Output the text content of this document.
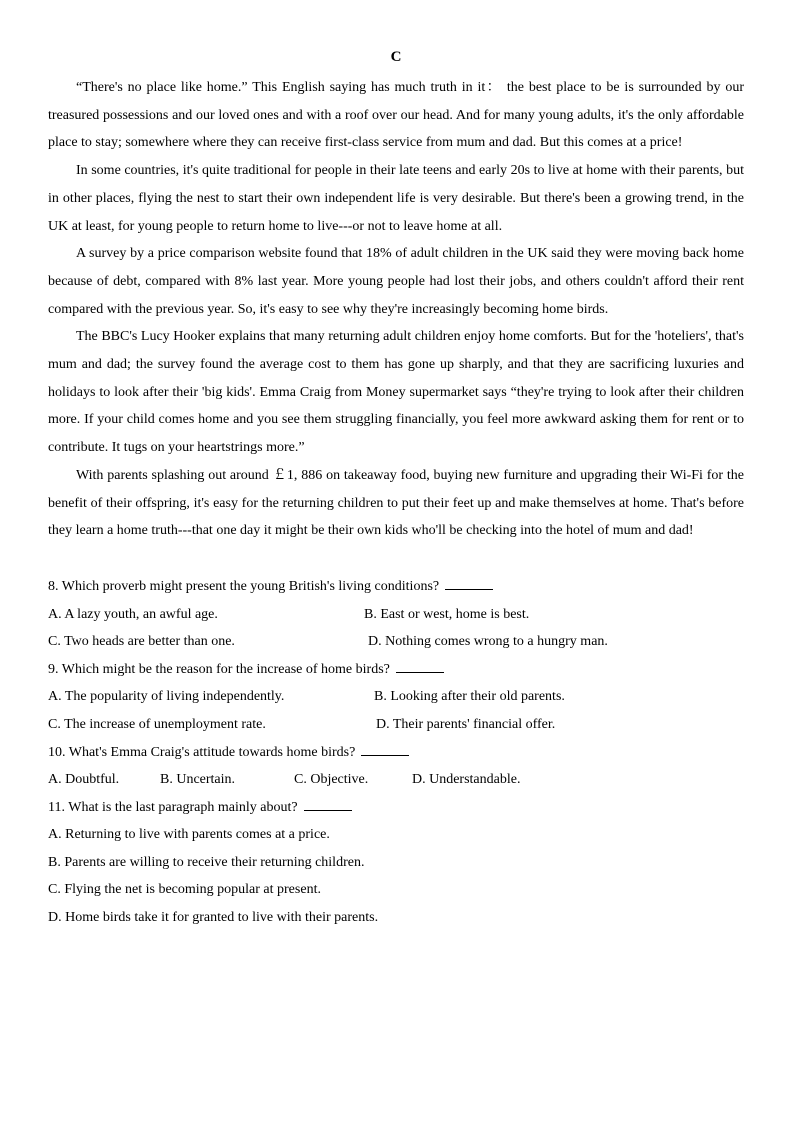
C

“There's no place like home.” This English saying has much truth in it： the best place to be is surrounded by our treasured possessions and our loved ones and with a roof over our head. And for many young adults, it's the only affordable place to stay; somewhere where they can receive first-class service from mum and dad. But this comes at a price!

In some countries, it's quite traditional for people in their late teens and early 20s to live at home with their parents, but in other places, flying the nest to start their own independent life is very desirable. But there's been a growing trend, in the UK at least, for young people to return home to live---or not to leave home at all.

A survey by a price comparison website found that 18% of adult children in the UK said they were moving back home because of debt, compared with 8% last year. More young people had lost their jobs, and others couldn't afford their rent compared with the previous year. So, it's easy to see why they're increasingly becoming home birds.

The BBC's Lucy Hooker explains that many returning adult children enjoy home comforts. But for the 'hoteliers', that's mum and dad; the survey found the average cost to them has gone up sharply, and that they are sacrificing luxuries and holidays to look after their 'big kids'. Emma Craig from Money supermarket says “they're trying to look after their children more. If your child comes home and you see them struggling financially, you feel more awkward asking them for rent or to contribute. It tugs on your heartstrings more.”

With parents splashing out around ￡1, 886 on takeaway food, buying new furniture and upgrading their Wi-Fi for the benefit of their offspring, it's easy for the returning children to put their feet up and make themselves at home. That's before they learn a home truth---that one day it might be their own kids who'll be checking into the hotel of mum and dad!

8. Which proverb might present the young British's living conditions?
A. A lazy youth, an awful age.	B. East or west, home is best.

C. Two heads are better than one.	D. Nothing comes wrong to a hungry man.

9. Which might be the reason for the increase of home birds?
A. The popularity of living independently.	B. Looking after their old parents.

C. The increase of unemployment rate.	D. Their parents' financial offer.

10. What's Emma Craig's attitude towards home birds?
A. Doubtful.	B. Uncertain.	C. Objective.	D. Understandable.

11. What is the last paragraph mainly about?
A. Returning to live with parents comes at a price.
B. Parents are willing to receive their returning children.
C. Flying the net is becoming popular at present.
D. Home birds take it for granted to live with their parents.
